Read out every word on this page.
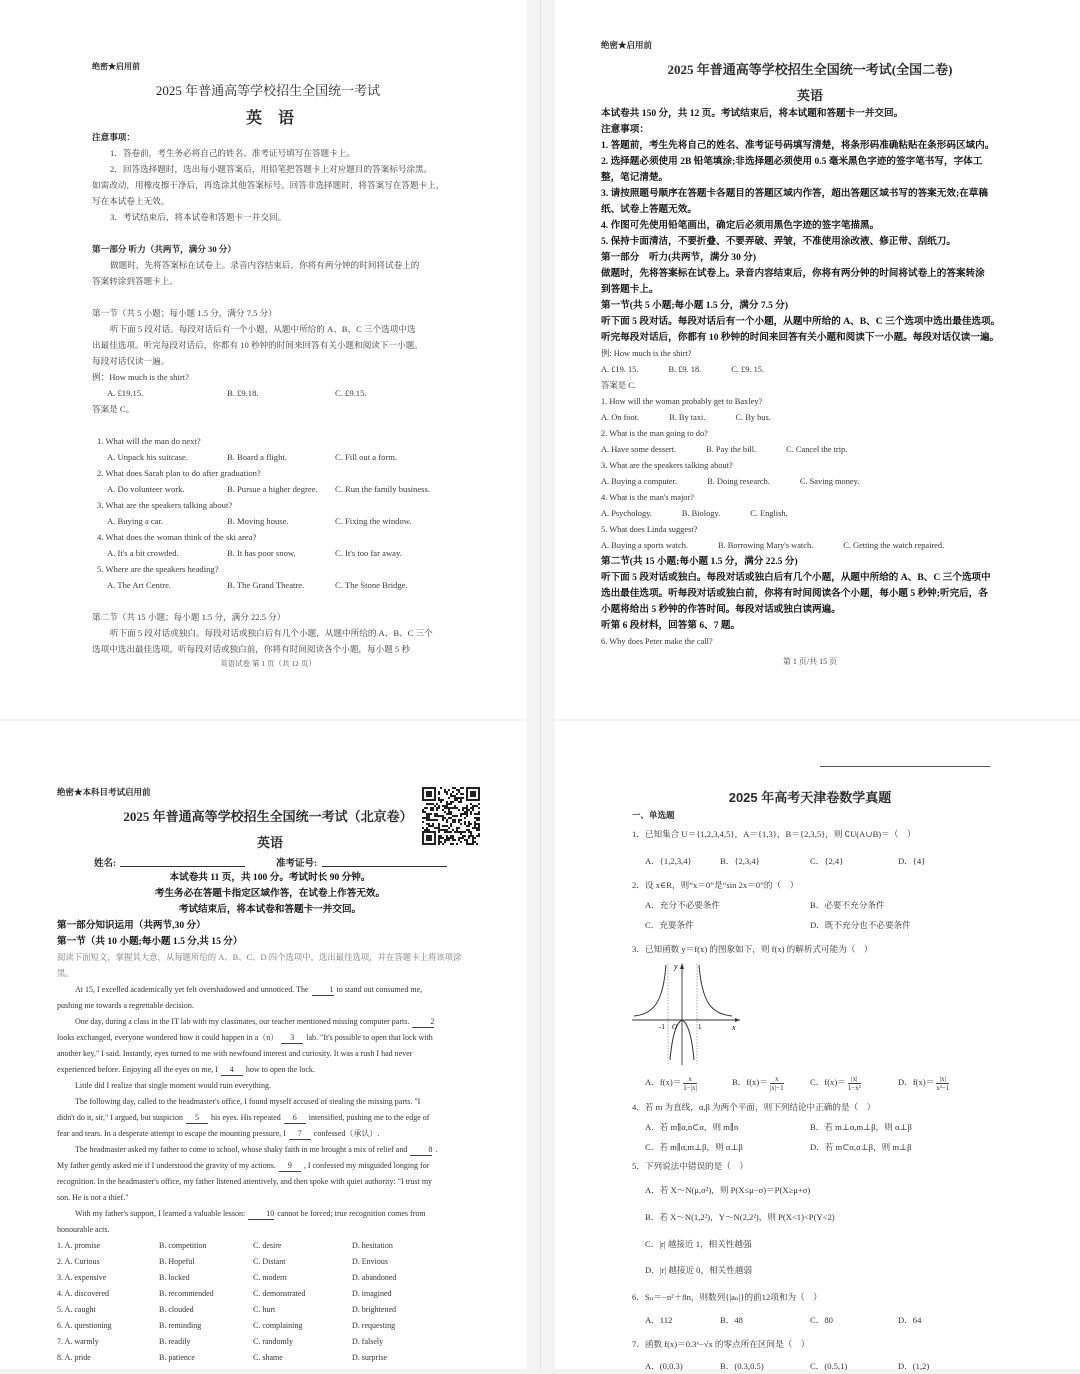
绝密★启用前
2025 年普通高等学校招生全国统一考试
英　语
英语试卷 第 1 页（共 12 页）
注意事项：
1．答卷前，考生务必将自己的姓名、准考证号填写在答题卡上。
2．回答选择题时，选出每小题答案后，用铅笔把答题卡上对应题目的答案标号涂黑。
如需改动，用橡皮擦干净后，再选涂其他答案标号。回答非选择题时，将答案写在答题卡上，
写在本试卷上无效。
3．考试结束后，将本试卷和答题卡一并交回。
第一部分 听力（共两节，满分 30 分）
做题时，先将答案标在试卷上。录音内容结束后，你将有两分钟的时间将试卷上的
答案转涂到答题卡上。
第一节（共 5 小题；每小题 1.5 分，满分 7.5 分）
听下面 5 段对话。每段对话后有一个小题，从题中所给的 A、B、C 三个选项中选
出最佳选项。听完每段对话后，你都有 10 秒钟的时间来回答有关小题和阅读下一小题。
每段对话仅读一遍。
例：How much is the shirt?
A. £19.15.	B. £9.18.	C. £9.15.
答案是 C。
1. What will the man do next?
A. Unpack his suitcase.	B. Board a flight.	C. Fill out a form.
2. What does Sarah plan to do after graduation?
A. Do volunteer work.	B. Pursue a higher degree. C. Run the family business.
3. What are the speakers talking about?
A. Buying a car.	B. Moving house.	C. Fixing the window.
4. What does the woman think of the ski area?
A. It's a bit crowded.	B. It has poor snow.	C. It's too far away.
5. Where are the speakers heading?
A. The Art Centre.	B. The Grand Theatre.	C. The Stone Bridge.
第二节（共 15 小题；每小题 1.5 分，满分 22.5 分）
听下面 5 段对话或独白。每段对话或独白后有几个小题，从题中所给的 A、B、C 三个
选项中选出最佳选项。听每段对话或独白前，你将有时间阅读各个小题，每小题 5 秒
绝密★启用前
2025 年普通高等学校招生全国统一考试(全国二卷)
英语
第 1 页/共 15 页
本试卷共 150 分，共 12 页。考试结束后，将本试题和答题卡一并交回。
注意事项：
1. 答题前，考生先将自己的姓名、准考证号码填写清楚，将条形码准确粘贴在条形码区域内。
2. 选择题必须使用 2B 铅笔填涂;非选择题必须使用 0.5 毫米黑色字迹的签字笔书写，字体工
整，笔记清楚。
3. 请按照题号顺序在答题卡各题目的答题区域内作答，超出答题区域书写的答案无效;在草稿
纸、试卷上答题无效。
4. 作图可先使用铅笔画出，确定后必须用黑色字迹的签字笔描黑。
5. 保持卡面清洁，不要折叠、不要弄破、弄皱，不准使用涂改液、修正带、刮纸刀。
第一部分　听力(共两节，满分 30 分)
做题时，先将答案标在试卷上。录音内容结束后，你将有两分钟的时间将试卷上的答案转涂
到答题卡上。
第一节(共 5 小题;每小题 1.5 分，满分 7.5 分)
听下面 5 段对话。每段对话后有一个小题，从题中所给的 A、B、C 三个选项中选出最佳选项。
听完每段对话后，你都有 10 秒钟的时间来回答有关小题和阅读下一小题。每段对话仅读一遍。
例: How much is the shirt?
A. £19. 15.	B. £9. 18.	C. £9. 15.
答案是 C.
1. How will the woman probably get to Baxley?
A. On foot.	B. By taxi.	C. By bus.
2. What is the man going to do?
A. Have some dessert.	B. Pay the bill.	C. Cancel the trip.
3. What are the speakers talking about?
A. Buying a computer.	B. Doing research.	C. Saving money.
4. What is the man's major?
A. Psychology.	B. Biology.	C. English.
5. What does Linda suggest?
A. Buying a sports watch.	B. Borrowing Mary's watch.	C. Getting the watch repaired.
第二节(共 15 小题;每小题 1.5 分，满分 22.5 分)
听下面 5 段对话或独白。每段对话或独白后有几个小题，从题中所给的 A、B、C 三个选项中
选出最佳选项。听每段对话或独白前，你将有时间阅读各个小题，每小题 5 秒钟;听完后，各
小题将给出 5 秒钟的作答时间。每段对话或独白读两遍。
听第 6 段材料，回答第 6、7 题。
6. Why does Peter make the call?
绝密★本科目考试启用前
2025 年普通高等学校招生全国统一考试（北京卷）
英语
姓名:	准考证号:
本试卷共 11 页，共 100 分。考试时长 90 分钟。
考生务必在答题卡指定区域作答，在试卷上作答无效。
考试结束后，将本试卷和答题卡一并交回。
第一部分知识运用（共两节,30 分）
第一节（共 10 小题;每小题 1.5 分,共 15 分）
阅读下面短文，掌握其大意，从每题所给的 A、B、C、D 四个选项中，选出最佳选项，并在答题卡上将该项涂
黑。
At 15, I excelled academically yet felt overshadowed and unnoticed. The	1 to stand out consumed me,
pushing me towards a regrettable decision.
One day, during a class in the IT lab with my classmates, our teacher mentioned missing computer parts.	2
looks exchanged, everyone wondered how it could happen in a（n） 3 lab. "It's possible to open that lock with
another key," I said. Instantly, eyes turned to me with newfound interest and curiosity. It was a rush I had never
experienced before. Enjoying all the eyes on me, I 4 how to open the lock.
Little did I realize that single moment would ruin everything.
The following day, called to the headmaster's office, I found myself accused of stealing the missing parts. "I
didn't do it, sir," I argued, but suspicion 5 his eyes. His repeated 6 intensified, pushing me to the edge of
fear and tears. In a desperate attempt to escape the mounting pressure, I 7 confessed（承认）.
The headmaster asked my father to come to school, whose shaky faith in me brought a mix of relief and	8 .
My father gently asked me if I understood the gravity of my actions. 9 , I confessed my misguided longing for
recognition. In the headmaster's office, my father listened attentively, and then spoke with quiet authority: "I trust my
son. He is not a thief."
With my father's support, I learned a valuable lesson:	10 cannot be forced; true recognition comes from
honourable acts.
1. A. promise	B. competition	C. desire	D. hesitation
2. A. Curious	B. Hopeful	C. Distant	D. Envious
3. A. expensive	B. locked	C. modern	D. abandoned
4. A. discovered	B. recommended	C. demonstrated	D. imagined
5. A. caught	B. clouded	C. hurt	D. brightened
6. A. questioning	B. reminding	C. complaining	D. requesting
7. A. warmly	B. readily	C. randomly	D. falsely
8. A. pride	B. patience	C. shame	D. surprise
2025 年高考天津卷数学真题
一、单选题
y
x
-1 O	1
1．已知集合 U＝{1,2,3,4,5}，A＝{1,3}，B＝{2,3,5}，则 ∁U(A∪B)＝（　）
A．{1,2,3,4}	B．{2,3,4}	C．{2,4}	D．{4}
2．设 x∈R，则“x＝0”是“sin 2x＝0”的（　）
A．充分不必要条件	B．必要不充分条件
C．充要条件	D．既不充分也不必要条件
3．已知函数 y＝f(x) 的图象如下，则 f(x) 的解析式可能为（　）
A．$f(x)= \frac{x}{1-|x|}$	B．$f(x)= \frac{x}{|x|-1}$	C．$f(x)= \frac{|x|}{\text{1−x²}}$	D．$f(x)= \frac{|x|}{\text{x²−1}}$
4．若 m 为直线，α,β 为两个平面，则下列结论中正确的是（　）
A．若 m∥α,n⊂α，则 m∥n	B．若 m⊥α,m⊥β，则 α⊥β
C．若 m∥α,m⊥β，则 α⊥β	D．若 m⊂α,α⊥β，则 m⊥β
5．下列说法中错误的是（　）
A．若 X～N(μ,σ²)，则 P(X≤μ−σ)＝P(X≥μ+σ)
B．若 X～N(1,2²)，Y～N(2,2²)，则 P(X<1)<P(Y<2)
C．|r| 越接近 1，相关性越强
D．|r| 越接近 0，相关性越弱
6．Sₙ＝−n²＋8n，则数列{|aₙ|}的前12项和为（　）
A．112	B．48	C．80	D．64
7．函数 f(x)＝0.3ˣ−√x 的零点所在区间是（　）
A．(0,0.3)	B．(0.3,0.5)	C．(0.5,1)	D．(1,2)
